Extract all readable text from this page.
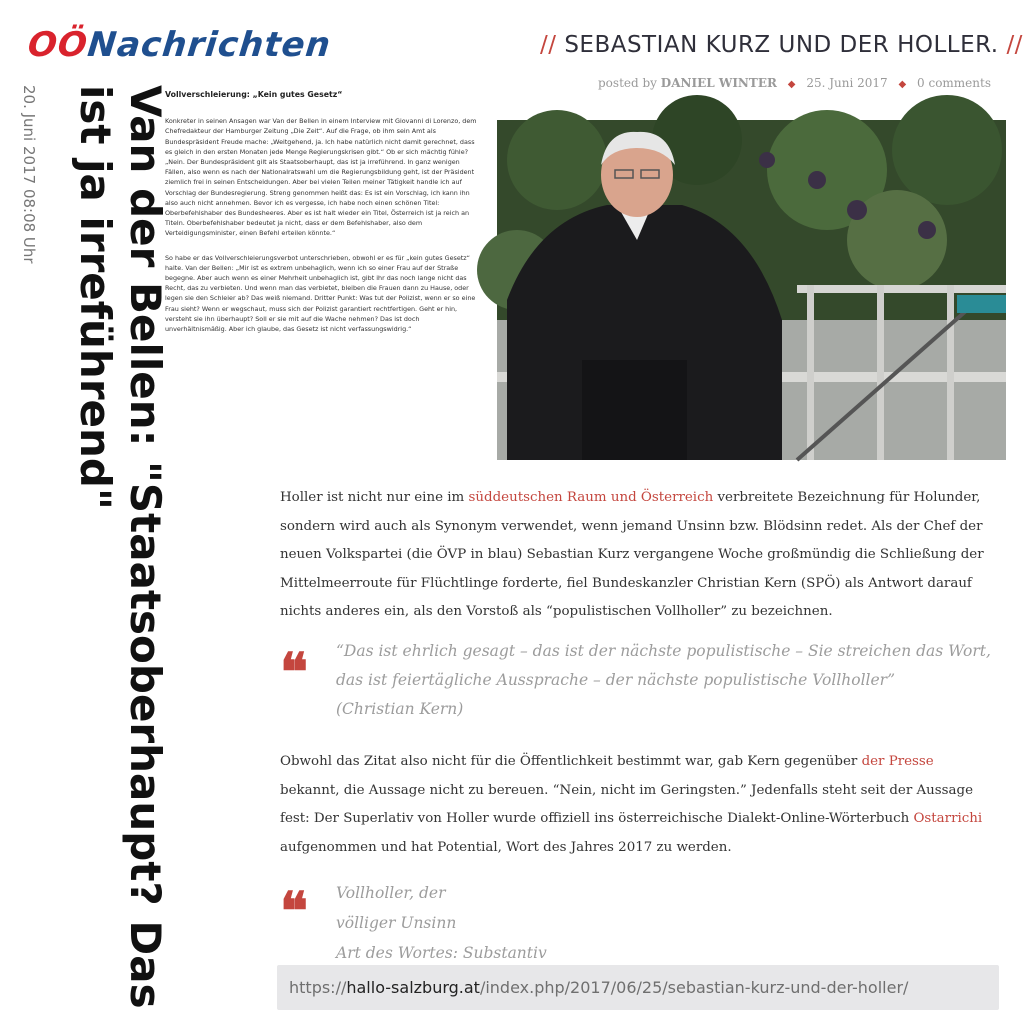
OÖ
Nachrichten
20. Juni 2017 08:08 Uhr	Van der Bellen: "Staatsoberhaupt? Das ist ja irreführend"	Vollverschleierung: „Kein gutes Gesetz“

Konkreter in seinen Ansagen war Van der Bellen in einem Interview mit Giovanni di Lorenzo, dem Chefredakteur der Hamburger Zeitung „Die Zeit“. Auf die Frage, ob ihm sein Amt als Bundespräsident Freude mache: „Weitgehend, ja. Ich habe natürlich nicht damit gerechnet, dass es gleich in den ersten Monaten jede Menge Regierungskrisen gibt.“ Ob er sich mächtig fühle? „Nein. Der Bundespräsident gilt als Staatsoberhaupt, das ist ja irreführend. In ganz wenigen Fällen, also wenn es nach der Nationalratswahl um die Regierungsbildung geht, ist der Präsident ziemlich frei in seinen Entscheidungen. Aber bei vielen Teilen meiner Tätigkeit handle ich auf Vorschlag der Bundesregierung. Streng genommen heißt das: Es ist ein Vorschlag, ich kann ihn also auch nicht annehmen. Bevor ich es vergesse, ich habe noch einen schönen Titel: Oberbefehlshaber des Bundesheeres. Aber es ist halt wieder ein Titel, Österreich ist ja reich an Titeln. Oberbefehlshaber bedeutet ja nicht, dass er dem Befehlshaber, also dem Verteidigungsminister, einen Befehl erteilen könnte.“

So habe er das Vollverschleierungsverbot unterschrieben, obwohl er es für „kein gutes Gesetz“ halte. Van der Bellen: „Mir ist es extrem unbehaglich, wenn ich so einer Frau auf der Straße begegne. Aber auch wenn es einer Mehrheit unbehaglich ist, gibt ihr das noch lange nicht das Recht, das zu verbieten. Und wenn man das verbietet, bleiben die Frauen dann zu Hause, oder legen sie den Schleier ab? Das weiß niemand. Dritter Punkt: Was tut der Polizist, wenn er so eine Frau sieht? Wenn er wegschaut, muss sich der Polizist garantiert rechtfertigen. Geht er hin, versteht sie ihn überhaupt? Soll er sie mit auf die Wache nehmen? Das ist doch unverhältnismäßig. Aber ich glaube, das Gesetz ist nicht verfassungswidrig.“

// SEBASTIAN KURZ UND DER HOLLER. //
posted by DANIEL WINTER ◆ 25. Juni 2017 ◆ 0 comments

Holler ist nicht nur eine im süddeutschen Raum und Österreich verbreitete Bezeichnung für Holunder, sondern wird auch als Synonym verwendet, wenn jemand Unsinn bzw. Blödsinn redet. Als der Chef der neuen Volkspartei (die ÖVP in blau) Sebastian Kurz vergangene Woche großmündig die Schließung der Mittelmeerroute für Flüchtlinge forderte, fiel Bundeskanzler Christian Kern (SPÖ) als Antwort darauf nichts anderes ein, als den Vorstoß als “populistischen Vollholler” zu bezeichnen.

❝ “Das ist ehrlich gesagt – das ist der nächste populistische – Sie streichen das Wort, das ist feiertägliche Aussprache – der nächste populistische Vollholler”
(Christian Kern)

Obwohl das Zitat also nicht für die Öffentlichkeit bestimmt war, gab Kern gegenüber der Presse bekannt, die Aussage nicht zu bereuen. “Nein, nicht im Geringsten.” Jedenfalls steht seit der Aussage fest: Der Superlativ von Holler wurde offiziell ins österreichische Dialekt-Online-Wörterbuch Ostarrichi aufgenommen und hat Potential, Wort des Jahres 2017 zu werden.

❝ Vollholler, der
völliger Unsinn
Art des Wortes: Substantiv
https:// hallo-salzburg.at /index.php/2017/06/25/sebastian-kurz-und-der-holler/
